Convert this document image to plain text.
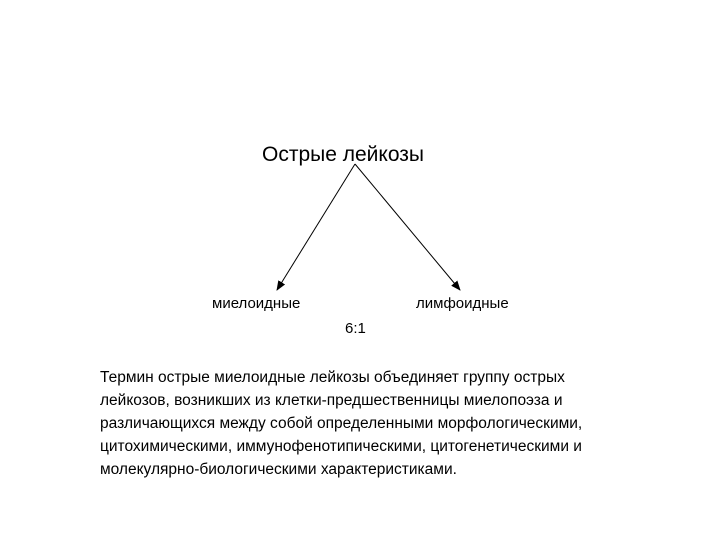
Острые лейкозы
миелоидные	лимфоидные
6:1
Термин острые миелоидные лейкозы объединяет группу острых
лейкозов, возникших из клетки-предшественницы миелопоэза и
различающихся между собой определенными морфологическими,
цитохимическими, иммунофенотипическими, цитогенетическими и
молекулярно-биологическими характеристиками.
